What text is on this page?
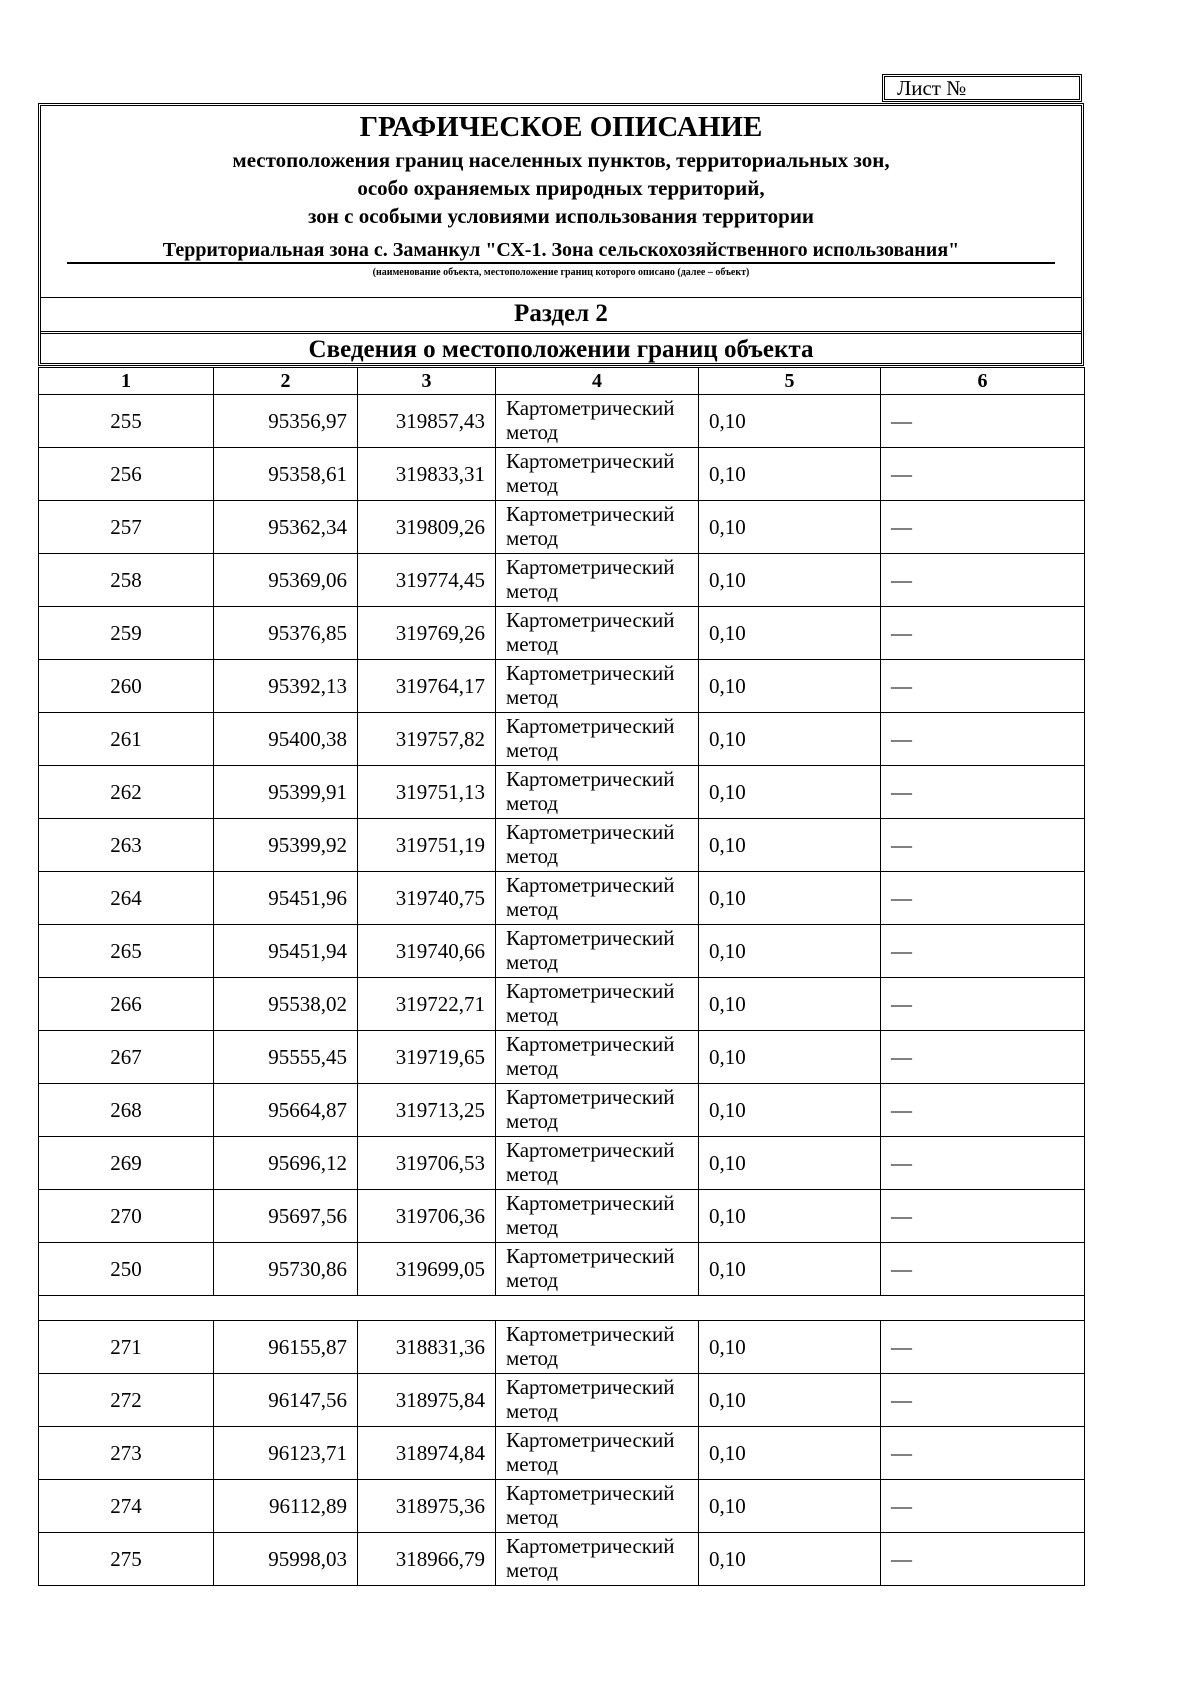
Лист №
ГРАФИЧЕСКОЕ ОПИСАНИЕ
местоположения границ населенных пунктов, территориальных зон,
особо охраняемых природных территорий,
зон с особыми условиями использования территории
Территориальная зона с. Заманкул "СХ-1. Зона сельскохозяйственного использования"
(наименование объекта, местоположение границ которого описано (далее – объект)
Раздел 2
Сведения о местоположении границ объекта
1	2	3	4	5	6
255	95356,97	319857,43	Картометрический метод	0,10	—
256	95358,61	319833,31	Картометрический метод	0,10	—
257	95362,34	319809,26	Картометрический метод	0,10	—
258	95369,06	319774,45	Картометрический метод	0,10	—
259	95376,85	319769,26	Картометрический метод	0,10	—
260	95392,13	319764,17	Картометрический метод	0,10	—
261	95400,38	319757,82	Картометрический метод	0,10	—
262	95399,91	319751,13	Картометрический метод	0,10	—
263	95399,92	319751,19	Картометрический метод	0,10	—
264	95451,96	319740,75	Картометрический метод	0,10	—
265	95451,94	319740,66	Картометрический метод	0,10	—
266	95538,02	319722,71	Картометрический метод	0,10	—
267	95555,45	319719,65	Картометрический метод	0,10	—
268	95664,87	319713,25	Картометрический метод	0,10	—
269	95696,12	319706,53	Картометрический метод	0,10	—
270	95697,56	319706,36	Картометрический метод	0,10	—
250	95730,86	319699,05	Картометрический метод	0,10	—

271	96155,87	318831,36	Картометрический метод	0,10	—
272	96147,56	318975,84	Картометрический метод	0,10	—
273	96123,71	318974,84	Картометрический метод	0,10	—
274	96112,89	318975,36	Картометрический метод	0,10	—
275	95998,03	318966,79	Картометрический метод	0,10	—
